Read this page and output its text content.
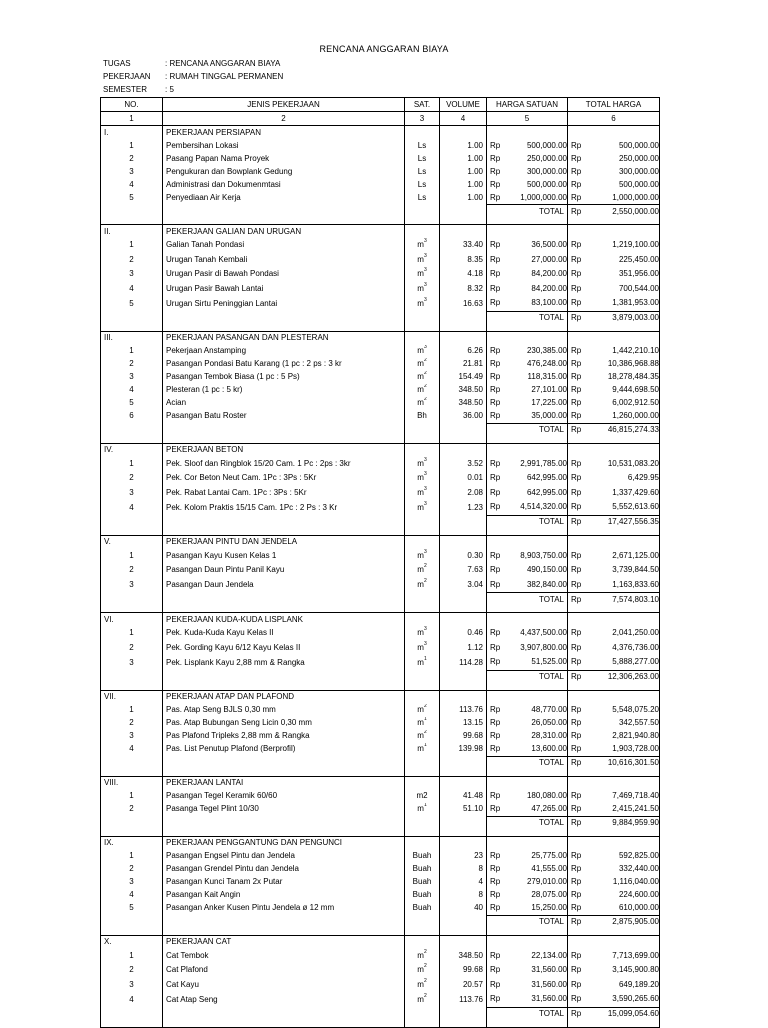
RENCANA ANGGARAN BIAYA
TUGAS	: RENCANA ANGGARAN BIAYA
PEKERJAAN : RUMAH TINGGAL PERMANEN
SEMESTER : 5
NO.	JENIS PEKERJAAN	SAT.	VOLUME	HARGA SATUAN	TOTAL HARGA
1	2	3	4	5	6
I.	PEKERJAAN PERSIAPAN				
1	Pembersihan Lokasi	Ls	1.00	Rp 500,000.00	Rp 500,000.00

2	Pasang Papan Nama Proyek	Ls	1.00	Rp 250,000.00	Rp 250,000.00

3	Pengukuran dan Bowplank Gedung	Ls	1.00	Rp 300,000.00	Rp 300,000.00

4	Administrasi dan Dokumenmtasi	Ls	1.00	Rp 500,000.00	Rp 500,000.00

5	Penyediaan Air Kerja	Ls	1.00	Rp 1,000,000.00	Rp 1,000,000.00

				TOTAL	Rp 2,550,000.00

II.	PEKERJAAN GALIAN DAN URUGAN				
1	Galian Tanah Pondasi	$m^3$	33.40	Rp 36,500.00	Rp 1,219,100.00

2	Urugan Tanah Kembali	$m^3$	8.35	Rp 27,000.00	Rp 225,450.00

3	Urugan Pasir di Bawah Pondasi	$m^3$	4.18	Rp 84,200.00	Rp 351,956.00

4	Urugan Pasir Bawah Lantai	$m^3$	8.32	Rp 84,200.00	Rp 700,544.00

5	Urugan Sirtu Peninggian Lantai	$m^3$	16.63	Rp 83,100.00	Rp 1,381,953.00

				TOTAL	Rp 3,879,003.00

III.	PEKERJAAN PASANGAN DAN PLESTERAN				
1	Pekerjaan Anstamping	$m^3$	6.26	Rp 230,385.00	Rp 1,442,210.10

2	Pasangan Pondasi Batu Karang (1 pc : 2 ps : 3 kr	$m^2$	21.81	Rp 476,248.00	Rp 10,386,968.88

3	Pasangan Tembok Biasa (1 pc : 5 Ps)	$m^2$	154.49	Rp 118,315.00	Rp 18,278,484.35

4	Plesteran (1 pc : 5 kr)	$m^2$	348.50	Rp 27,101.00	Rp 9,444,698.50

5	Acian	$m^2$	348.50	Rp 17,225.00	Rp 6,002,912.50

6	Pasangan Batu Roster	Bh	36.00	Rp 35,000.00	Rp 1,260,000.00

				TOTAL	Rp 46,815,274.33

IV.	PEKERJAAN BETON				
1	Pek. Sloof dan Ringblok 15/20 Cam. 1 Pc : 2ps : 3kr	$m^3$	3.52	Rp 2,991,785.00	Rp 10,531,083.20

2	Pek. Cor Beton Neut Cam. 1Pc : 3Ps : 5Kr	$m^3$	0.01	Rp 642,995.00	Rp 6,429.95

3	Pek. Rabat Lantai Cam. 1Pc : 3Ps : 5Kr	$m^3$	2.08	Rp 642,995.00	Rp 1,337,429.60

4	Pek. Kolom Praktis 15/15 Cam. 1Pc : 2 Ps : 3 Kr	$m^3$	1.23	Rp 4,514,320.00	Rp 5,552,613.60

				TOTAL	Rp 17,427,556.35

V.	PEKERJAAN PINTU DAN JENDELA				
1	Pasangan Kayu Kusen Kelas 1	$m^3$	0.30	Rp 8,903,750.00	Rp 2,671,125.00

2	Pasangan Daun Pintu Panil Kayu	$m^2$	7.63	Rp 490,150.00	Rp 3,739,844.50

3	Pasangan Daun Jendela	$m^2$	3.04	Rp 382,840.00	Rp 1,163,833.60

				TOTAL	Rp 7,574,803.10

VI.	PEKERJAAN KUDA-KUDA LISPLANK				
1	Pek. Kuda-Kuda Kayu Kelas II	$m^3$	0.46	Rp 4,437,500.00	Rp 2,041,250.00

2	Pek. Gording Kayu 6/12 Kayu Kelas II	$m^3$	1.12	Rp 3,907,800.00	Rp 4,376,736.00

3	Pek. Lisplank Kayu 2,88 mm & Rangka	$m^1$	114.28	Rp 51,525.00	Rp 5,888,277.00

				TOTAL	Rp 12,306,263.00

VII.	PEKERJAAN ATAP DAN PLAFOND				
1	Pas. Atap Seng BJLS 0,30 mm	$m^2$	113.76	Rp 48,770.00	Rp 5,548,075.20

2	Pas. Atap Bubungan Seng Licin 0,30 mm	$m^1$	13.15	Rp 26,050.00	Rp 342,557.50

3	Pas Plafond Tripleks 2,88 mm & Rangka	$m^2$	99.68	Rp 28,310.00	Rp 2,821,940.80

4	Pas. List Penutup Plafond (Berprofil)	$m^1$	139.98	Rp 13,600.00	Rp 1,903,728.00

				TOTAL	Rp 10,616,301.50

VIII.	PEKERJAAN LANTAI				
1	Pasangan Tegel Keramik 60/60	m2	41.48	Rp 180,080.00	Rp 7,469,718.40

2	Pasanga Tegel Plint 10/30	$m^1$	51.10	Rp 47,265.00	Rp 2,415,241.50

				TOTAL	Rp 9,884,959.90

IX.	PEKERJAAN PENGGANTUNG DAN PENGUNCI				
1	Pasangan Engsel Pintu dan Jendela	Buah	23	Rp 25,775.00	Rp 592,825.00

2	Pasangan Grendel Pintu dan Jendela	Buah	8	Rp 41,555.00	Rp 332,440.00

3	Pasangan Kunci Tanam 2x Putar	Buah	4	Rp 279,010.00	Rp 1,116,040.00

4	Pasangan Kait Angin	Buah	8	Rp 28,075.00	Rp 224,600.00

5	Pasangan Anker Kusen Pintu Jendela ø 12 mm	Buah	40	Rp 15,250.00	Rp 610,000.00

				TOTAL	Rp 2,875,905.00

X.	PEKERJAAN CAT				
1	Cat Tembok	$m^2$	348.50	Rp 22,134.00	Rp 7,713,699.00

2	Cat Plafond	$m^2$	99.68	Rp 31,560.00	Rp 3,145,900.80

3	Cat Kayu	$m^2$	20.57	Rp 31,560.00	Rp 649,189.20

4	Cat Atap Seng	$m^2$	113.76	Rp 31,560.00	Rp 3,590,265.60

				TOTAL	Rp 15,099,054.60
